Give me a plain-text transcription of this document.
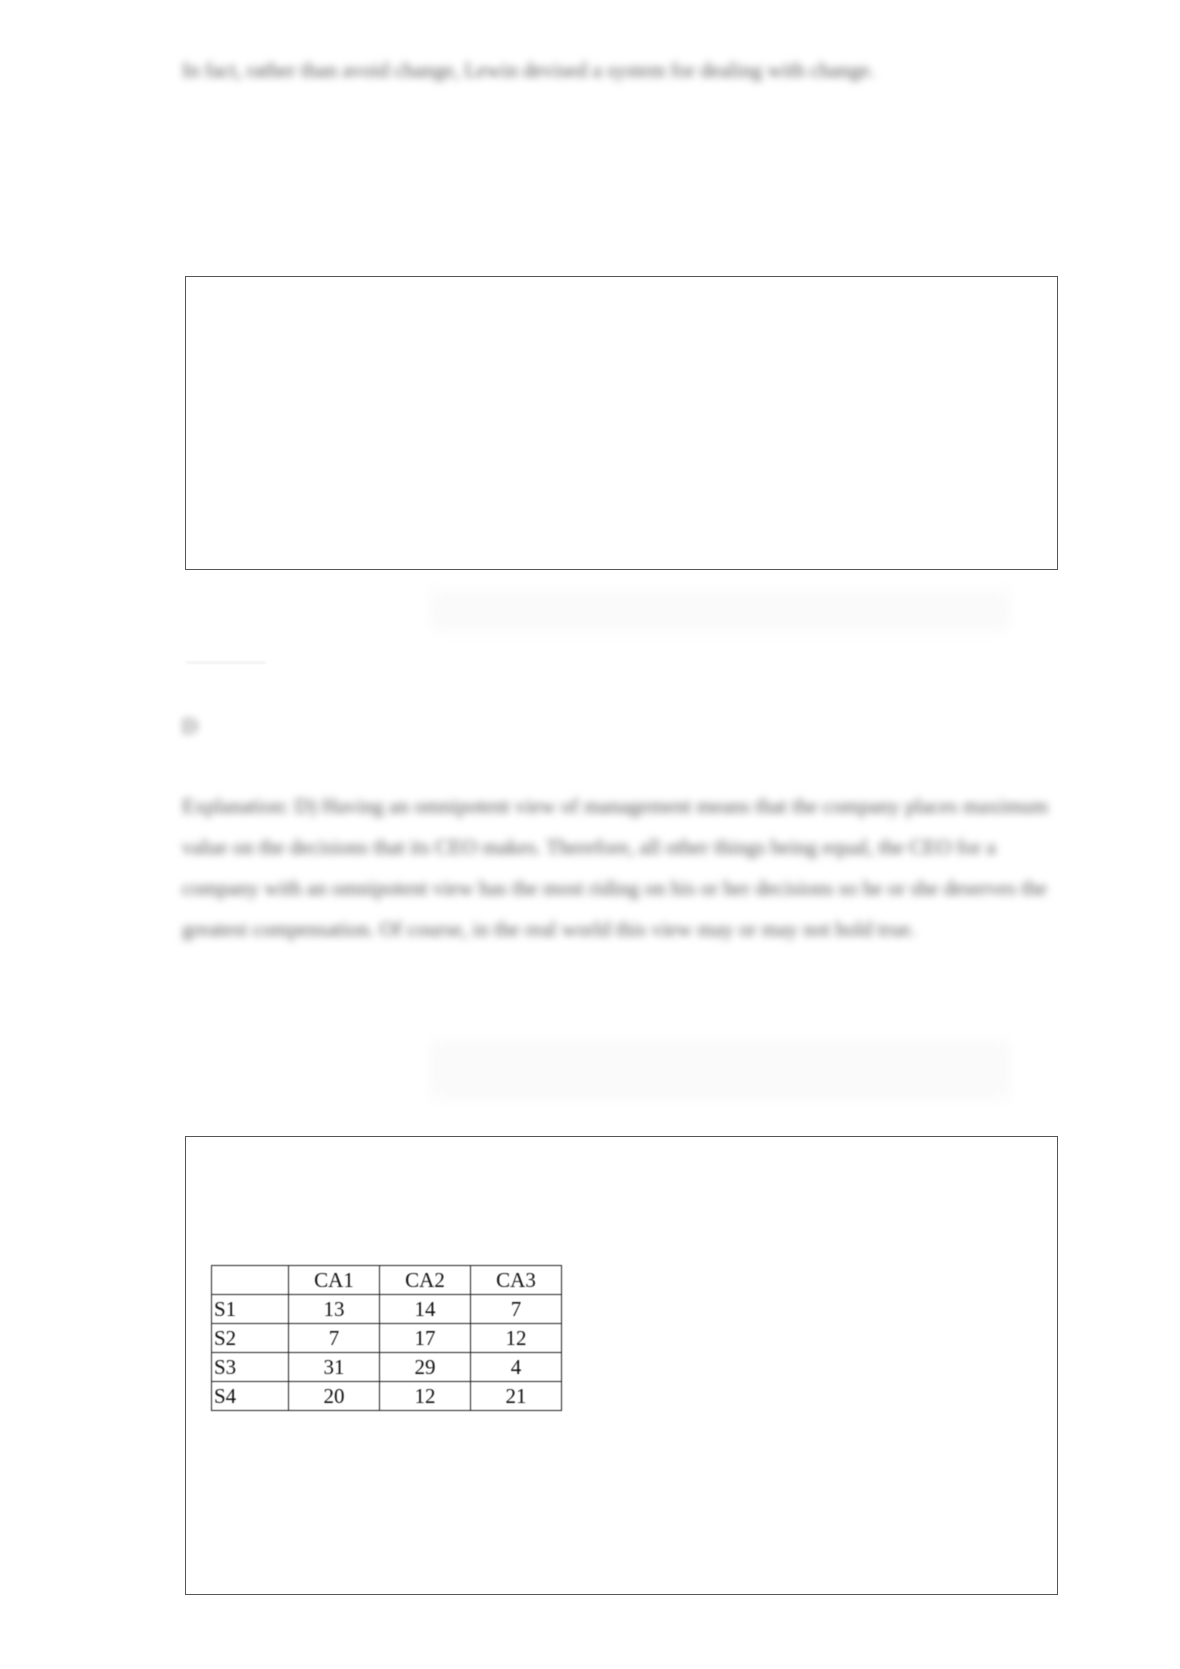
In fact, rather than avoid change, Lewin devised a system for dealing with change.

D

Explanation: D) Having an omnipotent view of management means that the company places maximum value on the decisions that its CEO makes. Therefore, all other things being equal, the CEO for a company with an omnipotent view has the most riding on his or her decisions so he or she deserves the greatest compensation. Of course, in the real world this view may or may not hold true.

	CA1	CA2	CA3
S1	13	14	7
S2	7	17	12
S3	31	29	4
S4	20	12	21
